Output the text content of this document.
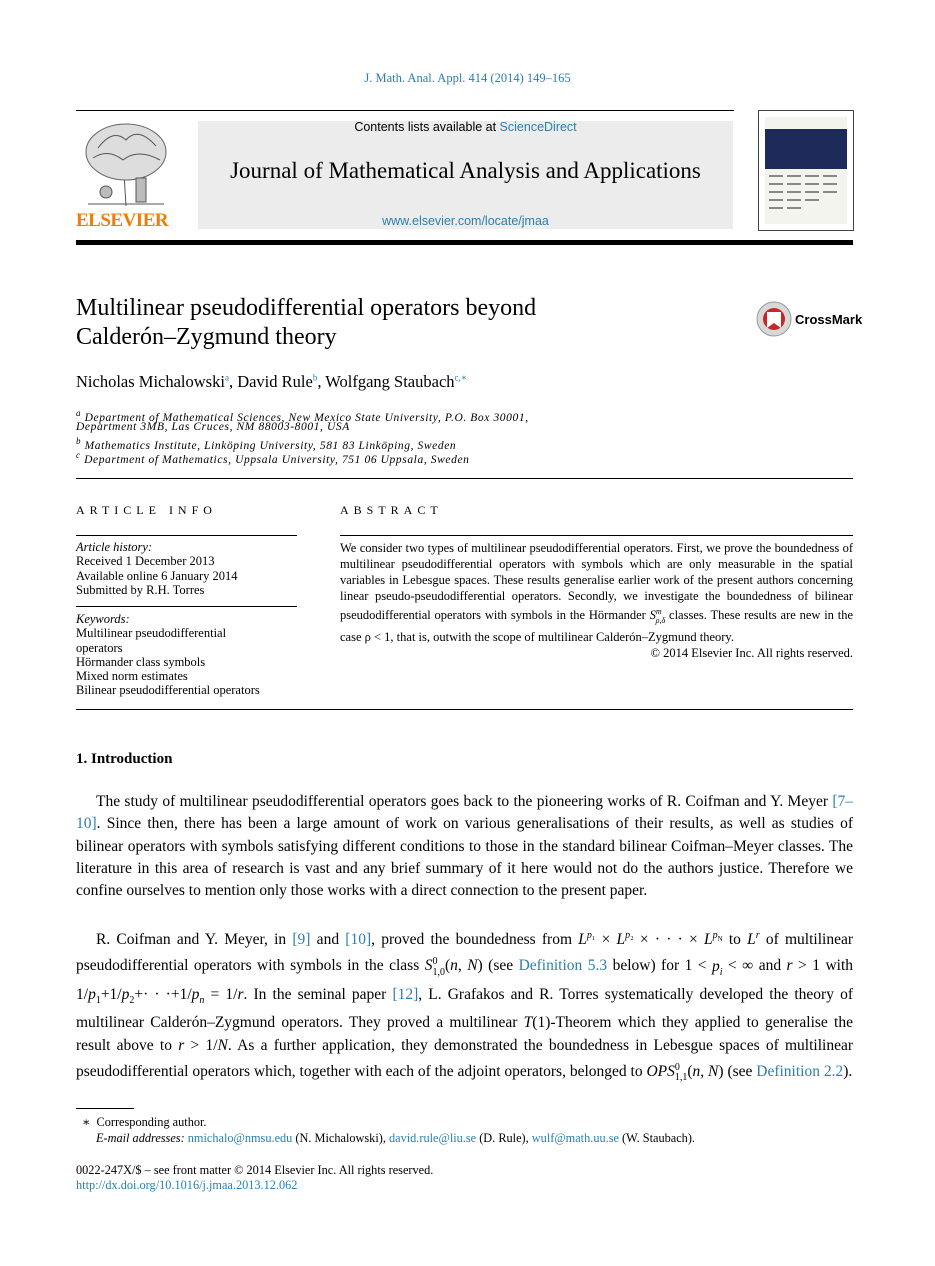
J. Math. Anal. Appl. 414 (2014) 149–165
ELSEVIER
Contents lists available at ScienceDirect
Journal of Mathematical Analysis and Applications
www.elsevier.com/locate/jmaa
Multilinear pseudodifferential operators beyond
Calderón–Zygmund theory
CrossMark
Nicholas Michalowski$^a$, David Rule$^b$, Wolfgang Staubach$^{c,∗}$
$^a$ Department of Mathematical Sciences, New Mexico State University, P.O. Box 30001,
Department 3MB, Las Cruces, NM 88003-8001, USA
$^b$ Mathematics Institute, Linköping University, 581 83 Linköping, Sweden
$^c$ Department of Mathematics, Uppsala University, 751 06 Uppsala, Sweden
ARTICLE INFO
Article history:
Received 1 December 2013
Available online 6 January 2014
Submitted by R.H. Torres
Keywords:
Multilinear pseudodifferential
operators
Hörmander class symbols
Mixed norm estimates
Bilinear pseudodifferential operators
ABSTRACT
We consider two types of multilinear pseudodifferential operators. First, we prove the boundedness of multilinear pseudodifferential operators with symbols which are only measurable in the spatial variables in Lebesgue spaces. These results generalise earlier work of the present authors concerning linear pseudo-pseudodifferential operators. Secondly, we investigate the boundedness of bilinear pseudodifferential operators with symbols in the Hörmander $S^m_{\rho,\delta}$ classes. These results are new in the case ρ < 1, that is, outwith the scope of multilinear Calderón–Zygmund theory.
© 2014 Elsevier Inc. All rights reserved.
1. Introduction

The study of multilinear pseudodifferential operators goes back to the pioneering works of R. Coifman and Y. Meyer [7–10]. Since then, there has been a large amount of work on various generalisations of their results, as well as studies of bilinear operators with symbols satisfying different conditions to those in the standard bilinear Coifman–Meyer classes. The literature in this area of research is vast and any brief summary of it here would not do the authors justice. Therefore we confine ourselves to mention only those works with a direct connection to the present paper.

R. Coifman and Y. Meyer, in [9] and [10], proved the boundedness from $L^{p_1} \times L^{p_2}$ × · · · × $L^{p_N}$ to $L^r$ of multilinear pseudodifferential operators with symbols in the class $S^0_{1,0}(n$, N) (see Definition 5.3 below) for $1 < p_i$ < ∞ and r > 1 with $1/p_1+1/p_2+\cdot \cdot \cdot+1/p_n = 1/r$. In the seminal paper [12], L. Grafakos and R. Torres systematically developed the theory of multilinear Calderón–Zygmund operators. They proved a multilinear T(1)-Theorem which they applied to generalise the result above to r > 1/N. As a further application, they demonstrated the boundedness in Lebesgue spaces of multilinear pseudodifferential operators which, together with each of the adjoint operators, belonged to $OPS^0_{1,1}(n$, N) (see Definition 2.2).

∗  Corresponding author.
E-mail addresses: nmichalo@nmsu.edu (N. Michalowski), david.rule@liu.se (D. Rule), wulf@math.uu.se (W. Staubach).
0022-247X/$ – see front matter © 2014 Elsevier Inc. All rights reserved.
http://dx.doi.org/10.1016/j.jmaa.2013.12.062
